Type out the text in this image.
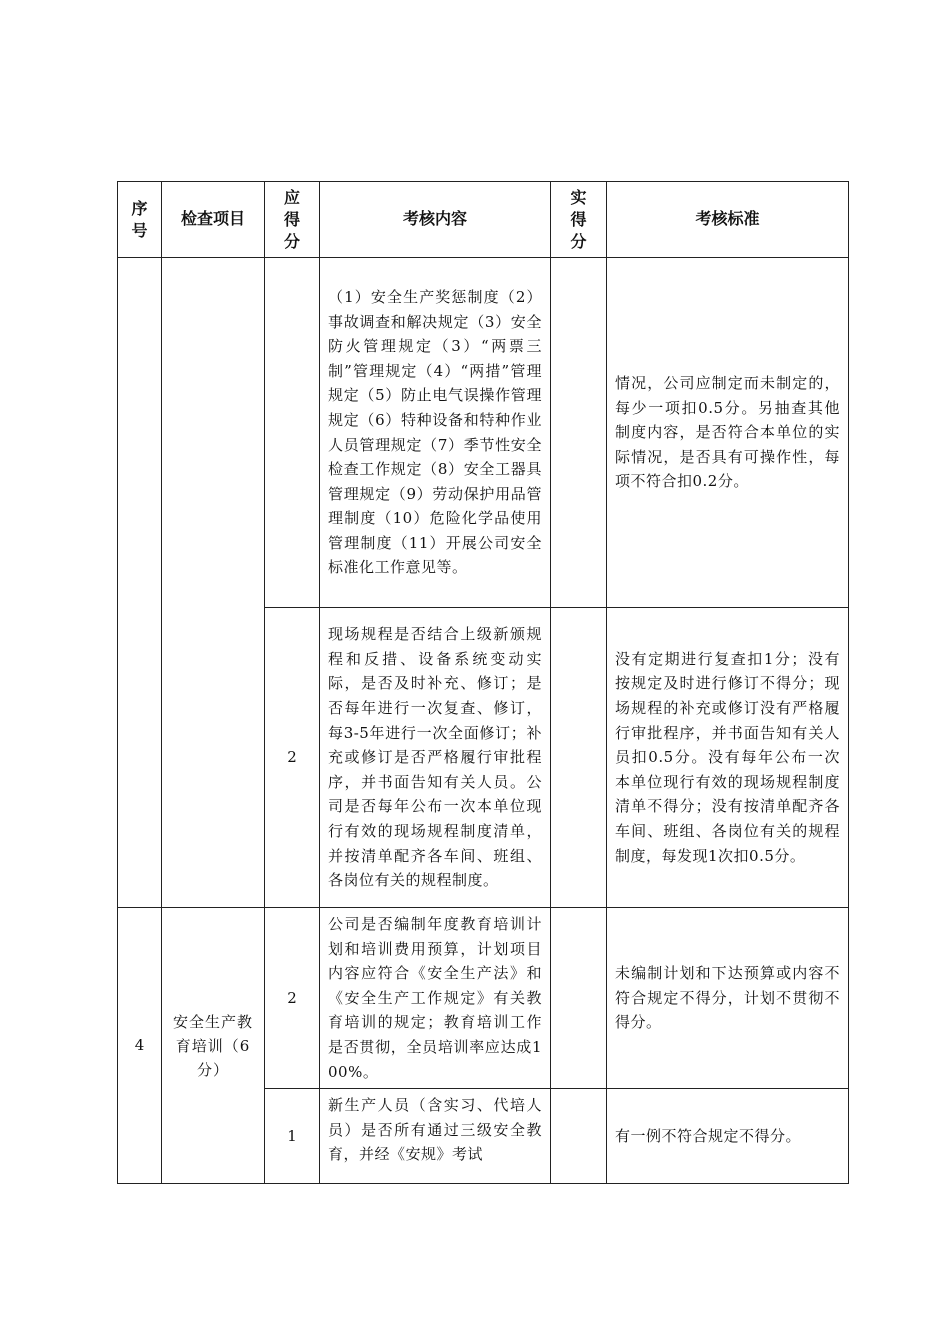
序号	检查项目	应得分	考核内容	实得分	考核标准

			（1）安全生产奖惩制度（2）事故调查和解决规定（3）安全防火管理规定（3）“两票三制”管理规定（4）“两措”管理规定（5）防止电气误操作管理规定（6）特种设备和特种作业人员管理规定（7）季节性安全检查工作规定（8）安全工器具管理规定（9）劳动保护用品管理制度（10）危险化学品使用管理制度（11）开展公司安全标准化工作意见等。		情况，公司应制定而未制定的，每少一项扣0.5分。另抽查其他制度内容，是否符合本单位的实际情况，是否具有可操作性，每项不符合扣0.2分。

		2	现场规程是否结合上级新颁规程和反措、设备系统变动实际，是否及时补充、修订；是否每年进行一次复查、修订，每3-5年进行一次全面修订；补充或修订是否严格履行审批程序，并书面告知有关人员。公司是否每年公布一次本单位现行有效的现场规程制度清单，并按清单配齐各车间、班组、各岗位有关的规程制度。		没有定期进行复查扣1分；没有按规定及时进行修订不得分；现场规程的补充或修订没有严格履行审批程序，并书面告知有关人员扣0.5分。没有每年公布一次本单位现行有效的现场规程制度清单不得分；没有按清单配齐各车间、班组、各岗位有关的规程制度，每发现1次扣0.5分。

4	安全生产教育培训（6分）	2	公司是否编制年度教育培训计划和培训费用预算，计划项目内容应符合《安全生产法》和《安全生产工作规定》有关教育培训的规定；教育培训工作是否贯彻，全员培训率应达成100%。		未编制计划和下达预算或内容不符合规定不得分，计划不贯彻不得分。

		1	新生产人员（含实习、代培人员）是否所有通过三级安全教育，并经《安规》考试		有一例不符合规定不得分。
